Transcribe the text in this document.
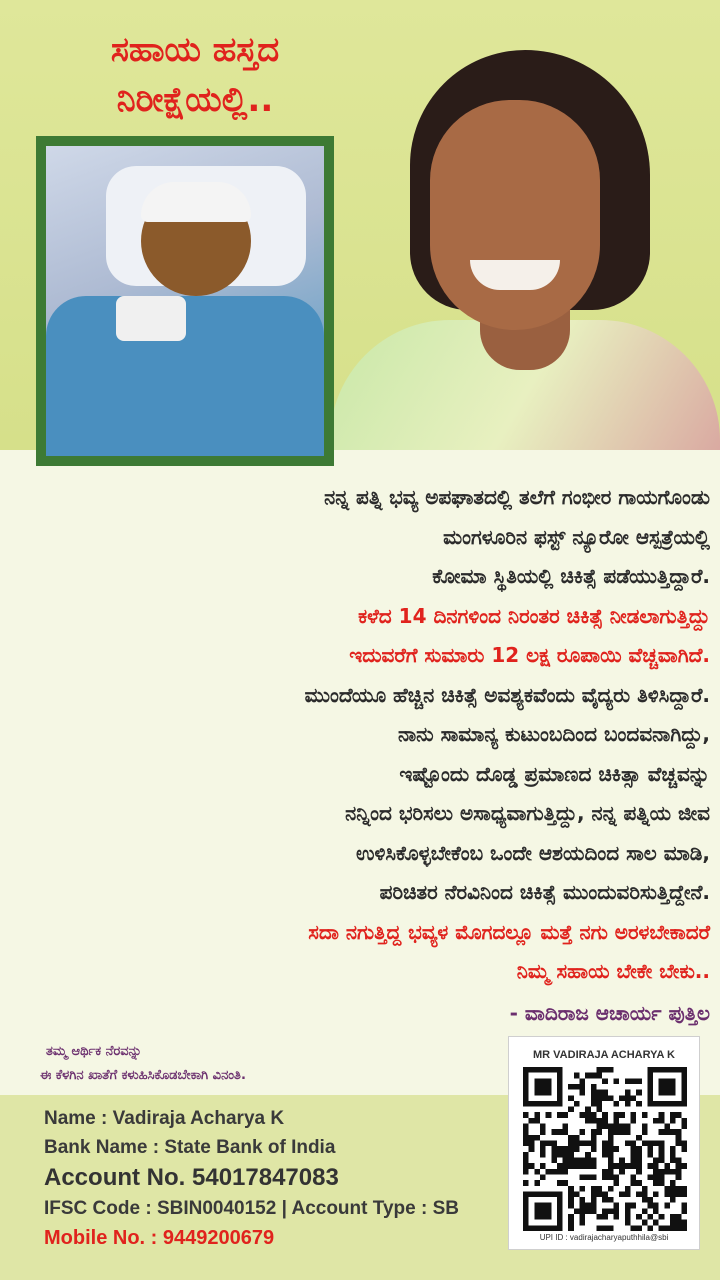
ಸಹಾಯ ಹಸ್ತದ
ನಿರೀಕ್ಷೆಯಲ್ಲಿ..
ನನ್ನ ಪತ್ನಿ ಭವ್ಯ ಅಪಘಾತದಲ್ಲಿ ತಲೆಗೆ ಗಂಭೀರ ಗಾಯಗೊಂಡು
ಮಂಗಳೂರಿನ ಫಸ್ಟ್ ನ್ಯೂರೋ ಆಸ್ಪತ್ರೆಯಲ್ಲಿ
ಕೋಮಾ ಸ್ಥಿತಿಯಲ್ಲಿ ಚಿಕಿತ್ಸೆ ಪಡೆಯುತ್ತಿದ್ದಾರೆ.
ಕಳೆದ 14 ದಿನಗಳಿಂದ ನಿರಂತರ ಚಿಕಿತ್ಸೆ ನೀಡಲಾಗುತ್ತಿದ್ದು
ಇದುವರೆಗೆ ಸುಮಾರು 12 ಲಕ್ಷ ರೂಪಾಯಿ ವೆಚ್ಚವಾಗಿದೆ.
ಮುಂದೆಯೂ ಹೆಚ್ಚಿನ ಚಿಕಿತ್ಸೆ ಅವಶ್ಯಕವೆಂದು ವೈದ್ಯರು ತಿಳಿಸಿದ್ದಾರೆ.
ನಾನು ಸಾಮಾನ್ಯ ಕುಟುಂಬದಿಂದ ಬಂದವನಾಗಿದ್ದು,
ಇಷ್ಟೊಂದು ದೊಡ್ಡ ಪ್ರಮಾಣದ ಚಿಕಿತ್ಸಾ ವೆಚ್ಚವನ್ನು
ನನ್ನಿಂದ ಭರಿಸಲು ಅಸಾಧ್ಯವಾಗುತ್ತಿದ್ದು, ನನ್ನ ಪತ್ನಿಯ ಜೀವ
ಉಳಿಸಿಕೊಳ್ಳಬೇಕೆಂಬ ಒಂದೇ ಆಶಯದಿಂದ ಸಾಲ ಮಾಡಿ,
ಪರಿಚಿತರ ನೆರವಿನಿಂದ ಚಿಕಿತ್ಸೆ ಮುಂದುವರಿಸುತ್ತಿದ್ದೇನೆ.
ಸದಾ ನಗುತ್ತಿದ್ದ ಭವ್ಯಳ ಮೊಗದಲ್ಲೂ ಮತ್ತೆ ನಗು ಅರಳಬೇಕಾದರೆ
ನಿಮ್ಮ ಸಹಾಯ ಬೇಕೇ ಬೇಕು..
- ವಾದಿರಾಜ ಆಚಾರ್ಯ ಪುತ್ತಿಲ
ತಮ್ಮ ಆರ್ಥಿಕ ನೆರವನ್ನು
ಈ ಕೆಳಗಿನ ಖಾತೆಗೆ ಕಳುಹಿಸಿಕೊಡಬೇಕಾಗಿ ವಿನಂತಿ.
Name : Vadiraja Acharya K
Bank Name : State Bank of India
Account No. 54017847083
IFSC Code : SBIN0040152 | Account Type : SB
Mobile No. : 9449200679
MR VADIRAJA ACHARYA K
UPI ID : vadirajacharyaputhhila@sbi
